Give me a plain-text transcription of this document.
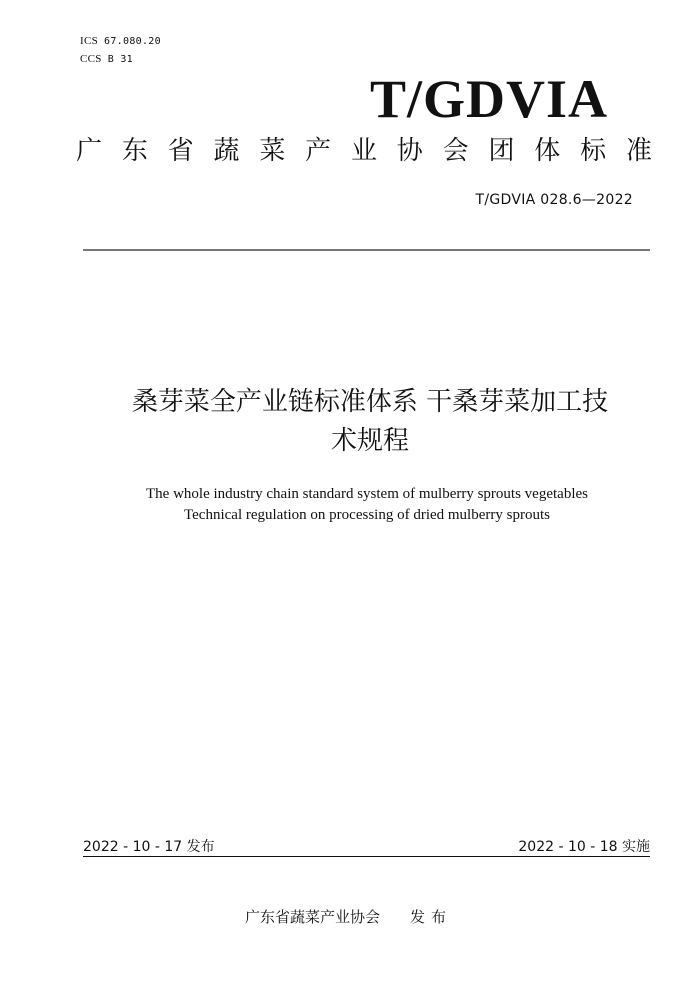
ICS 67.080.20
CCS B 31
T/GDVIA
广 东 省 蔬 菜 产 业 协 会 团 体 标 准
T/GDVIA 028.6—2022
桑芽菜全产业链标准体系 干桑芽菜加工技
术规程
The whole industry chain standard system of mulberry sprouts vegetables
Technical regulation on processing of dried mulberry sprouts
2022 - 10 - 17 发布	2022 - 10 - 18 实施
广东省蔬菜产业协会 发布
